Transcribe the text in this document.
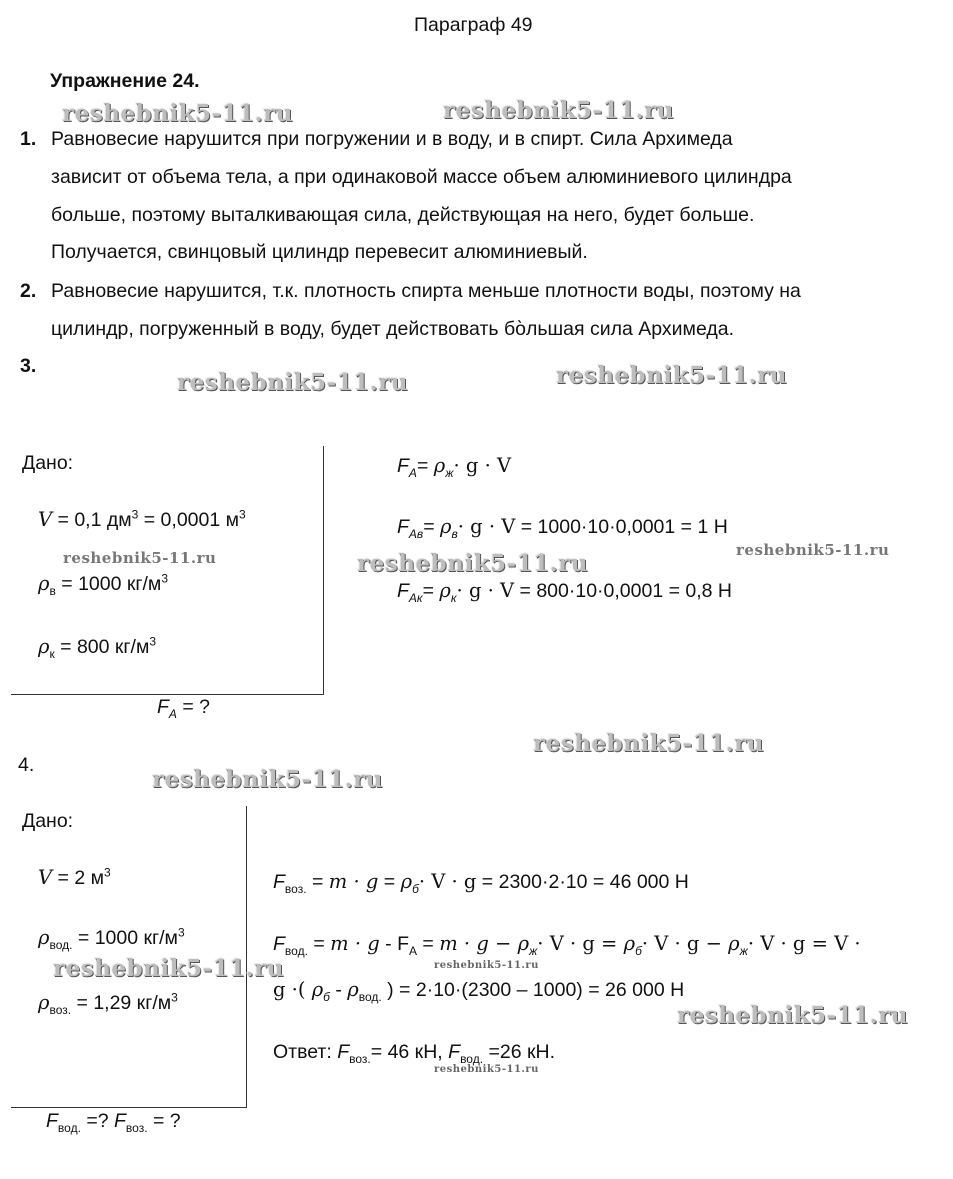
Параграф 49
Упражнение 24.
1. Равновесие нарушится при погружении и в воду, и в спирт. Сила Архимеда
зависит от объема тела, а при одинаковой массе объем алюминиевого цилиндра
больше, поэтому выталкивающая сила, действующая на него, будет больше.
Получается, свинцовый цилиндр перевесит алюминиевый.
2. Равновесие нарушится, т.к. плотность спирта меньше плотности воды, поэтому на
цилиндр, погруженный в воду, будет действовать бо̀льшая сила Архимеда.
3.
Дано:
V = 0,1 $дм^3 = 0,0001$ $м^3$
$\rho_в = 1000$ $кг/м^3$
$\rho_к = 800$ $кг/м^3$
$F_A$ = ?
$F_A= \rho_ж\cdot g \cdot V$
$F_{Ав}= \rho_в\cdot g \cdot V = 1000\cdot 10\cdot 0,0001 = 1$ Н
$F_{Ак}= \rho_к\cdot g \cdot V = 800\cdot 10\cdot 0,0001 = 0,8$ Н
4.
Дано:
V = 2 $м^3$
$\rho_{вод.} = 1000$ $кг/м^3$
$\rho_{воз.} = 1,29$ $кг/м^3$
$F_{вод.}$ =? $F_{воз.}$ = ?
$F_{воз.} = m \cdot g = \rho_б\cdot V \cdot g = 2300\cdot 2\cdot 10 = 46$ 000 Н
$F_{вод.} = m \cdot g - F_A = m \cdot g - \rho_ж\cdot V \cdot g = \rho_б\cdot V \cdot g - \rho_ж\cdot V \cdot g = V$ ·
g ·( $\rho_б - \rho_{вод.}$ ) = 2·10·(2300 – 1000) = 26 000 Н
Ответ: $F_{воз.}= 46$ кН, $F_{вод.} =26$ кН.
reshebnik5-11.ru	reshebnik5-11.ru
reshebnik5-11.ru	reshebnik5-11.ru
reshebnik5-11.ru	reshebnik5-11.ru	reshebnik5-11.ru
reshebnik5-11.ru
reshebnik5-11.ru
reshebnik5-11.ru	reshebnik5-11.ru
reshebnik5-11.ru
reshebnik5-11.ru
